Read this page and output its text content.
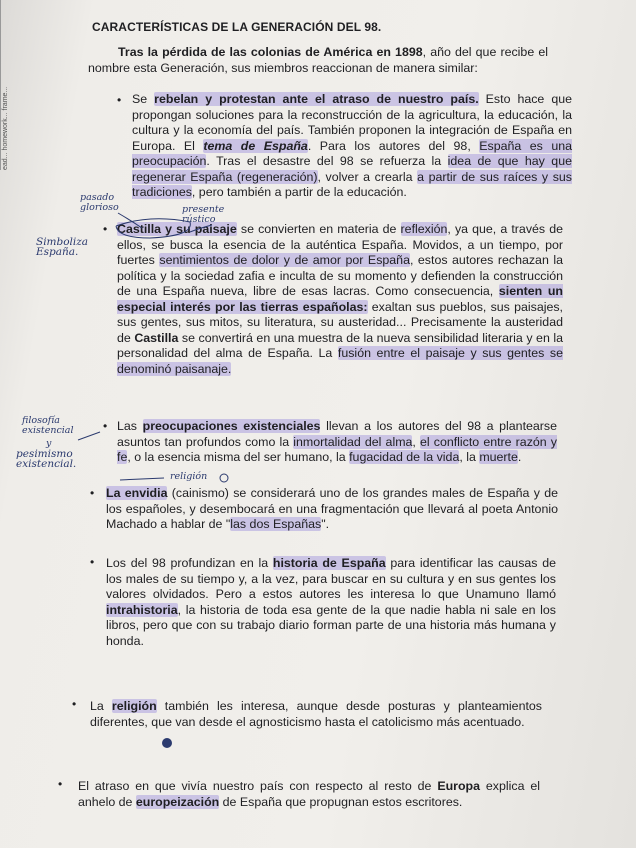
ead... homework... frame...
CARACTERÍSTICAS DE LA GENERACIÓN DEL 98.

Tras la pérdida de las colonias de América en 1898, año del que recibe el nombre esta Generación, sus miembros reaccionan de manera similar:

• Se rebelan y protestan ante el atraso de nuestro país. Esto hace que propongan soluciones para la reconstrucción de la agricultura, la educación, la cultura y la economía del país. También proponen la integración de España en Europa. El tema de España. Para los autores del 98, España es una preocupación. Tras el desastre del 98 se refuerza la idea de que hay que regenerar España (regeneración), volver a crearla a partir de sus raíces y sus tradiciones, pero también a partir de la educación.

• Castilla y su paisaje se convierten en materia de reflexión, ya que, a través de ellos, se busca la esencia de la auténtica España. Movidos, a un tiempo, por fuertes sentimientos de dolor y de amor por España, estos autores rechazan la política y la sociedad zafia e inculta de su momento y defienden la construcción de una España nueva, libre de esas lacras. Como consecuencia, sienten un especial interés por las tierras españolas: exaltan sus pueblos, sus paisajes, sus gentes, sus mitos, su literatura, su austeridad... Precisamente la austeridad de Castilla se convertirá en una muestra de la nueva sensibilidad literaria y en la personalidad del alma de España. La fusión entre el paisaje y sus gentes se denominó paisanaje.

• Las preocupaciones existenciales llevan a los autores del 98 a plantearse asuntos tan profundos como la inmortalidad del alma, el conflicto entre razón y fe, o la esencia misma del ser humano, la fugacidad de la vida, la muerte.

• La envidia (cainismo) se considerará uno de los grandes males de España y de los españoles, y desembocará en una fragmentación que llevará al poeta Antonio Machado a hablar de "las dos Españas".

• Los del 98 profundizan en la historia de España para identificar las causas de los males de su tiempo y, a la vez, para buscar en su cultura y en sus gentes los valores olvidados. Pero a estos autores les interesa lo que Unamuno llamó intrahistoria, la historia de toda esa gente de la que nadie habla ni sale en los libros, pero que con su trabajo diario forman parte de una historia más humana y honda.

• La religión también les interesa, aunque desde posturas y planteamientos diferentes, que van desde el agnosticismo hasta el catolicismo más acentuado.

• El atraso en que vivía nuestro país con respecto al resto de Europa explica el anhelo de europeización de España que propugnan estos escritores.

pasado glorioso	presente rústico
Simboliza España.
filosofía existencial
y
pesimismo existencial.
religión
